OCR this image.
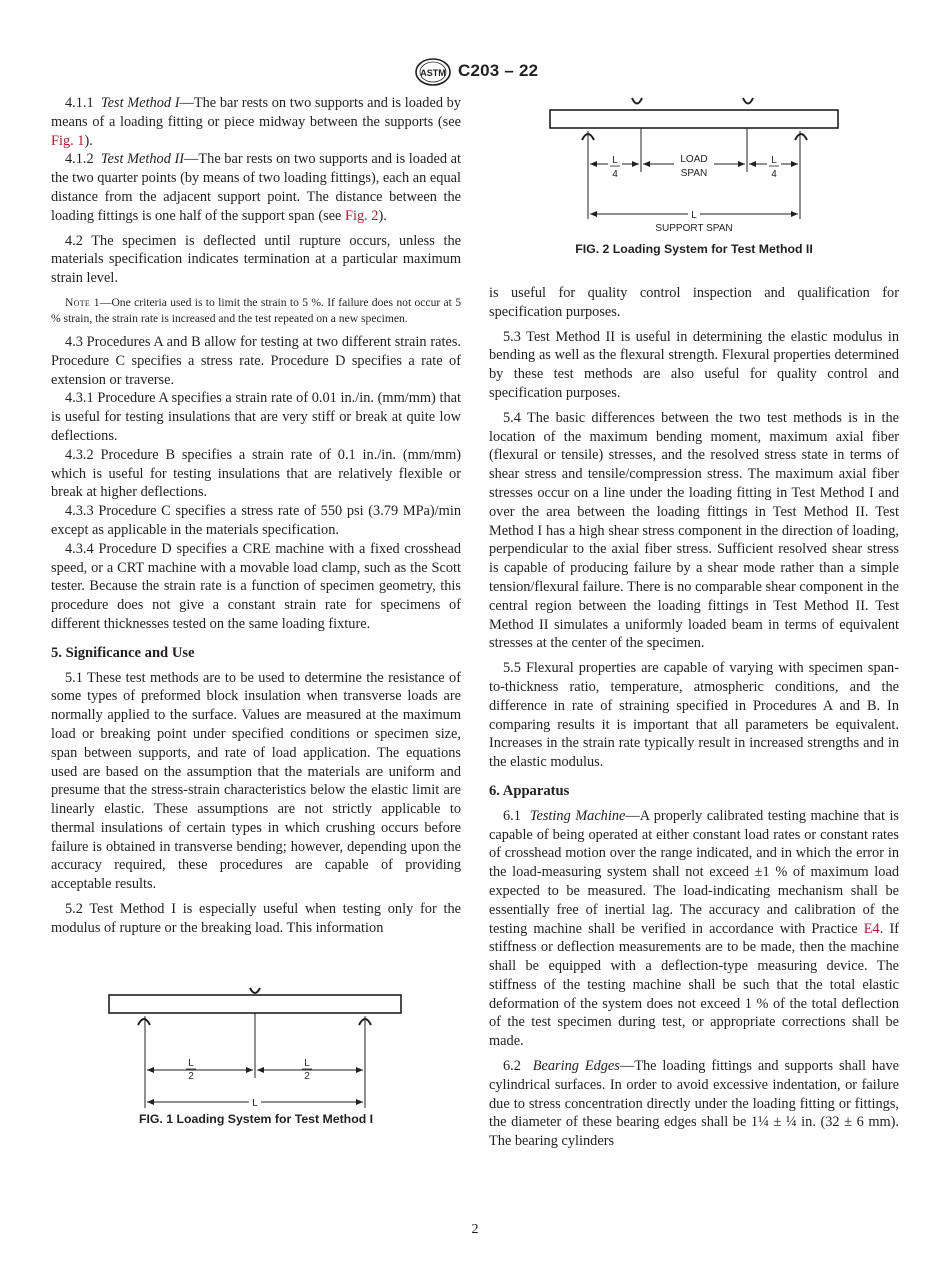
ASTM C203 – 22

4.1.1 Test Method I—The bar rests on two supports and is loaded by means of a loading fitting or piece midway between the supports (see Fig. 1).

4.1.2 Test Method II—The bar rests on two supports and is loaded at the two quarter points (by means of two loading fittings), each an equal distance from the adjacent support point. The distance between the loading fittings is one half of the support span (see Fig. 2).

4.2 The specimen is deflected until rupture occurs, unless the materials specification indicates termination at a particular maximum strain level.

Note 1—One criteria used is to limit the strain to 5 %. If failure does not occur at 5 % strain, the strain rate is increased and the test repeated on a new specimen.

4.3 Procedures A and B allow for testing at two different strain rates. Procedure C specifies a stress rate. Procedure D specifies a rate of extension or traverse.

4.3.1 Procedure A specifies a strain rate of 0.01 in./in. (mm/mm) that is useful for testing insulations that are very stiff or break at quite low deflections.

4.3.2 Procedure B specifies a strain rate of 0.1 in./in. (mm/mm) which is useful for testing insulations that are relatively flexible or break at higher deflections.

4.3.3 Procedure C specifies a stress rate of 550 psi (3.79 MPa)/min except as applicable in the materials specification.

4.3.4 Procedure D specifies a CRE machine with a fixed crosshead speed, or a CRT machine with a movable load clamp, such as the Scott tester. Because the strain rate is a function of specimen geometry, this procedure does not give a constant strain rate for specimens of different thicknesses tested on the same loading fixture.

5. Significance and Use

5.1 These test methods are to be used to determine the resistance of some types of preformed block insulation when transverse loads are normally applied to the surface. Values are measured at the maximum load or breaking point under specified conditions or specimen size, span between supports, and rate of load application. The equations used are based on the assumption that the materials are uniform and presume that the stress-strain characteristics below the elastic limit are linearly elastic. These assumptions are not strictly applicable to thermal insulations of certain types in which crushing occurs before failure is obtained in transverse bending; however, depending upon the accuracy required, these procedures are capable of providing acceptable results.

5.2 Test Method I is especially useful when testing only for the modulus of rupture or the breaking load. This information

L
2
L
2
L
FIG. 1 Loading System for Test Method I
L
4
LOAD
SPAN
L
4
L
SUPPORT SPAN
FIG. 2 Loading System for Test Method II

is useful for quality control inspection and qualification for specification purposes.

5.3 Test Method II is useful in determining the elastic modulus in bending as well as the flexural strength. Flexural properties determined by these test methods are also useful for quality control and specification purposes.

5.4 The basic differences between the two test methods is in the location of the maximum bending moment, maximum axial fiber (flexural or tensile) stresses, and the resolved stress state in terms of shear stress and tensile/compression stress. The maximum axial fiber stresses occur on a line under the loading fitting in Test Method I and over the area between the loading fittings in Test Method II. Test Method I has a high shear stress component in the direction of loading, perpendicular to the axial fiber stress. Sufficient resolved shear stress is capable of producing failure by a shear mode rather than a simple tension/flexural failure. There is no comparable shear component in the central region between the loading fittings in Test Method II. Test Method II simulates a uniformly loaded beam in terms of equivalent stresses at the center of the specimen.

5.5 Flexural properties are capable of varying with specimen span-to-thickness ratio, temperature, atmospheric conditions, and the difference in rate of straining specified in Procedures A and B. In comparing results it is important that all parameters be equivalent. Increases in the strain rate typically result in increased strengths and in the elastic modulus.

6. Apparatus

6.1 Testing Machine—A properly calibrated testing machine that is capable of being operated at either constant load rates or constant rates of crosshead motion over the range indicated, and in which the error in the load-measuring system shall not exceed ±1 % of maximum load expected to be measured. The load-indicating mechanism shall be essentially free of inertial lag. The accuracy and calibration of the testing machine shall be verified in accordance with Practice E4. If stiffness or deflection measurements are to be made, then the machine shall be equipped with a deflection-type measuring device. The stiffness of the testing machine shall be such that the total elastic deformation of the system does not exceed 1 % of the total deflection of the test specimen during test, or appropriate corrections shall be made.

6.2 Bearing Edges—The loading fittings and supports shall have cylindrical surfaces. In order to avoid excessive indentation, or failure due to stress concentration directly under the loading fitting or fittings, the diameter of these bearing edges shall be 1¼ ± ¼ in. (32 ± 6 mm). The bearing cylinders

2
